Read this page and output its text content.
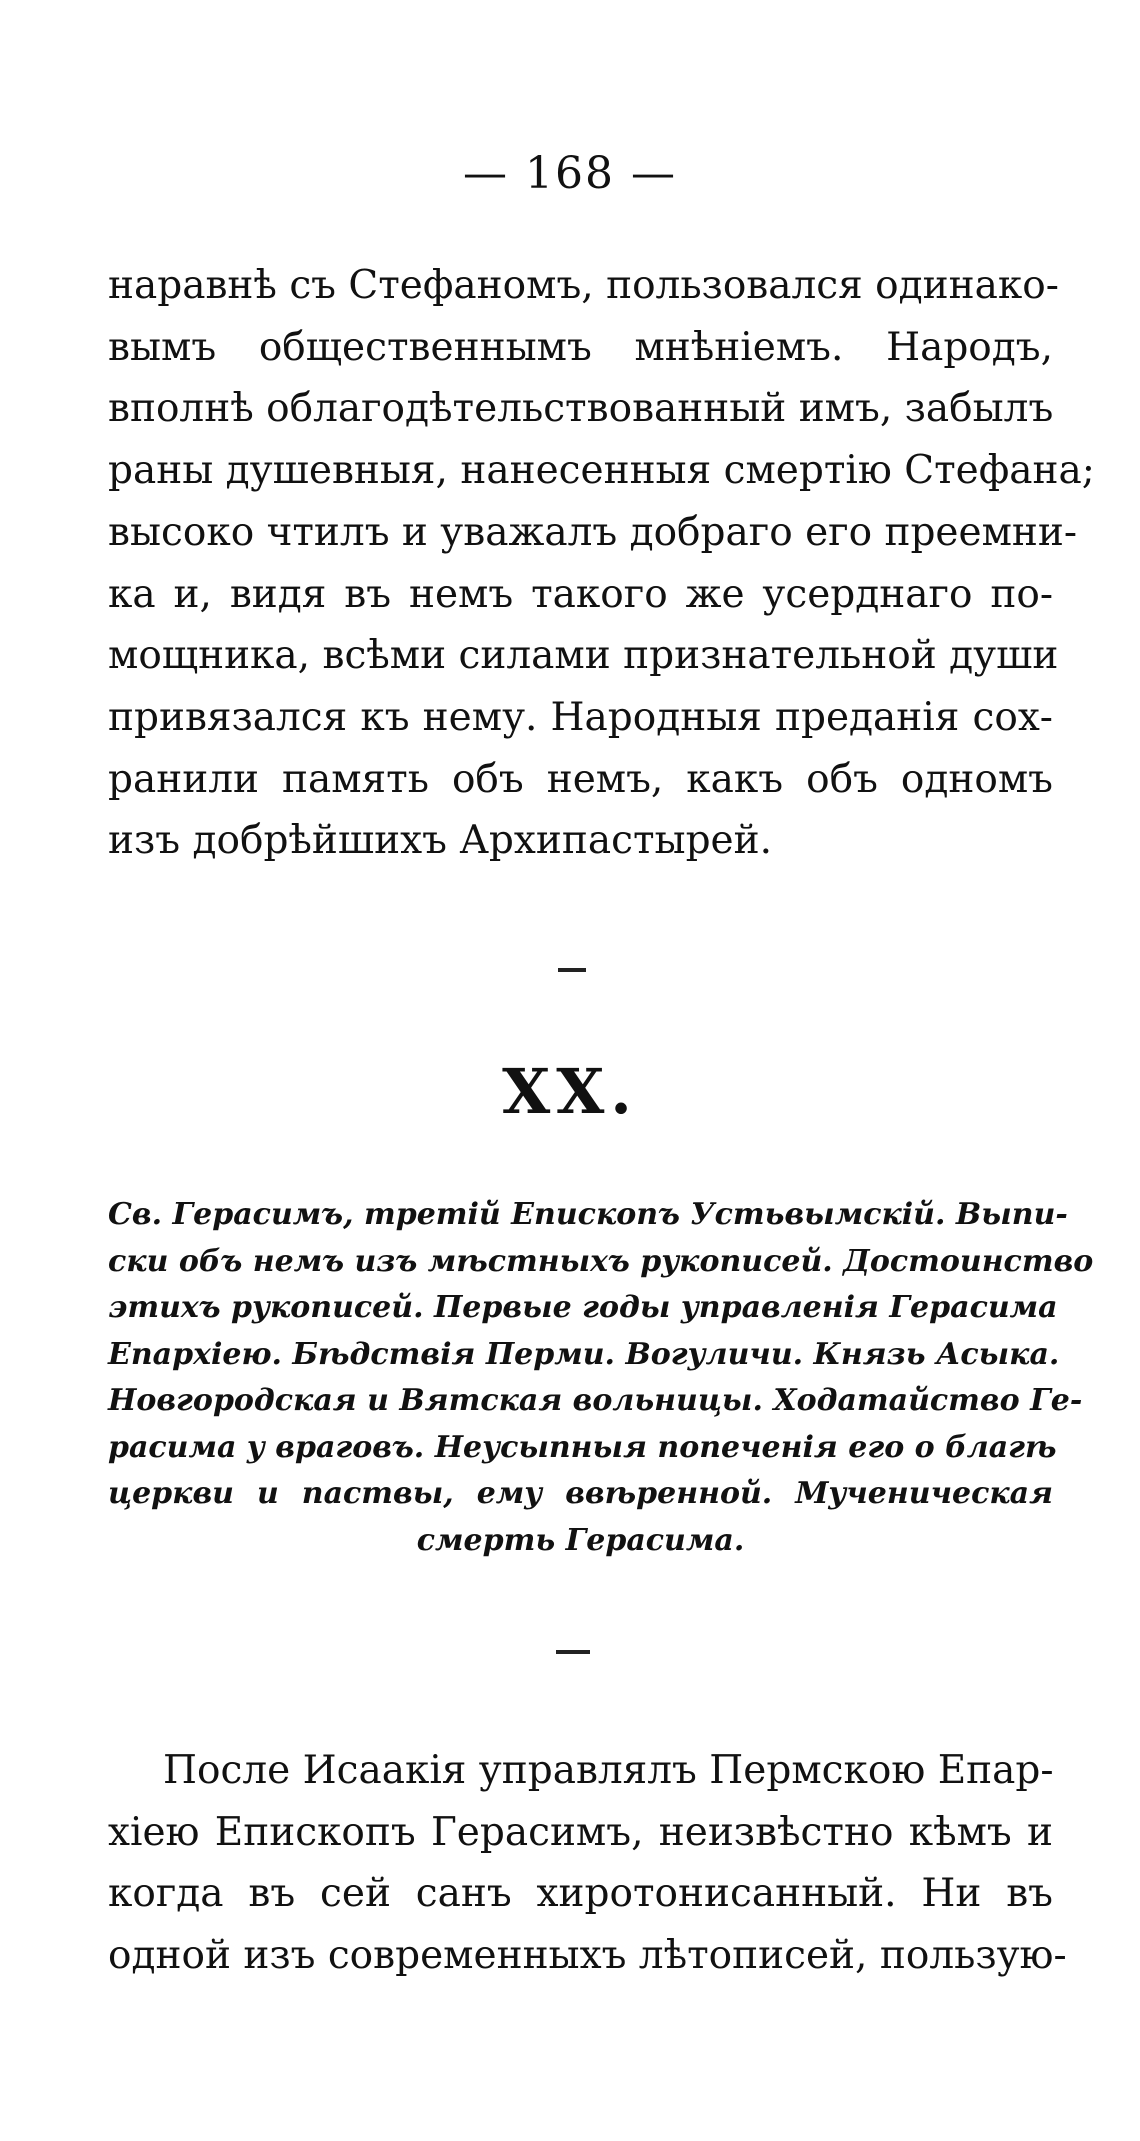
— 168 —
наравнѣ съ Стефаномъ, пользовался одинако-
вымъ общественнымъ мнѣніемъ. Народъ,
вполнѣ облагодѣтельствованный имъ, забылъ
раны душевныя, нанесенныя смертію Стефана;
высоко чтилъ и уважалъ добраго его преемни-
ка и, видя въ немъ такого же усерднаго по-
мощника, всѣми силами признательной души
привязался къ нему. Народныя преданія сох-
ранили память объ немъ, какъ объ одномъ
изъ добрѣйшихъ Архипастырей.
XX.
Св. Герасимъ, третій Епископъ Устьвымскій. Выпи-
ски объ немъ изъ мѣстныхъ рукописей. Достоинство
этихъ рукописей. Первые годы управленія Герасима
Епархіею. Бѣдствія Перми. Вогуличи. Князь Асыка.
Новгородская и Вятская вольницы. Ходатайство Ге-
расима у враговъ. Неусыпныя попеченія его о благѣ
церкви и паствы, ему ввѣренной. Мученическая
смерть Герасима.
После Исаакія управлялъ Пермскою Епар-
хіею Епископъ Герасимъ, неизвѣстно кѣмъ и
когда въ сей санъ хиротонисанный. Ни въ
одной изъ современныхъ лѣтописей, пользую-
